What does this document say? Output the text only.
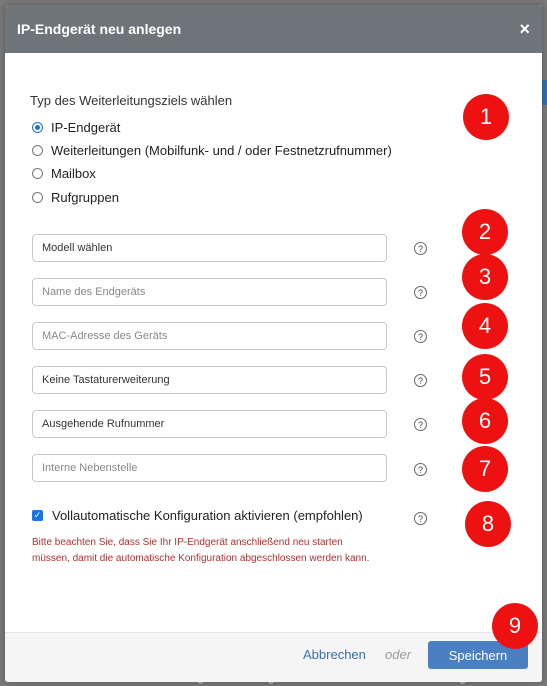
IP-Endgerät neu anlegen	×
Typ des Weiterleitungsziels wählen
IP-Endgerät
Weiterleitungen (Mobilfunk- und / oder Festnetzrufnummer)
Mailbox
Rufgruppen
1
Modell wählen	?
2
Name des Endgeräts	?
3
MAC-Adresse des Geräts	?	4
Keine Tastaturerweiterung	?	5
Ausgehende Rufnummer	?	6
Interne Nebenstelle	?	7
✓ Vollautomatische Konfiguration aktivieren (empfohlen)	?	8
Bitte beachten Sie, dass Sie Ihr IP-Endgerät anschließend neu starten müssen, damit die automatische Konfiguration abgeschlossen werden kann.
Abbrechen oder	Speichern
9
